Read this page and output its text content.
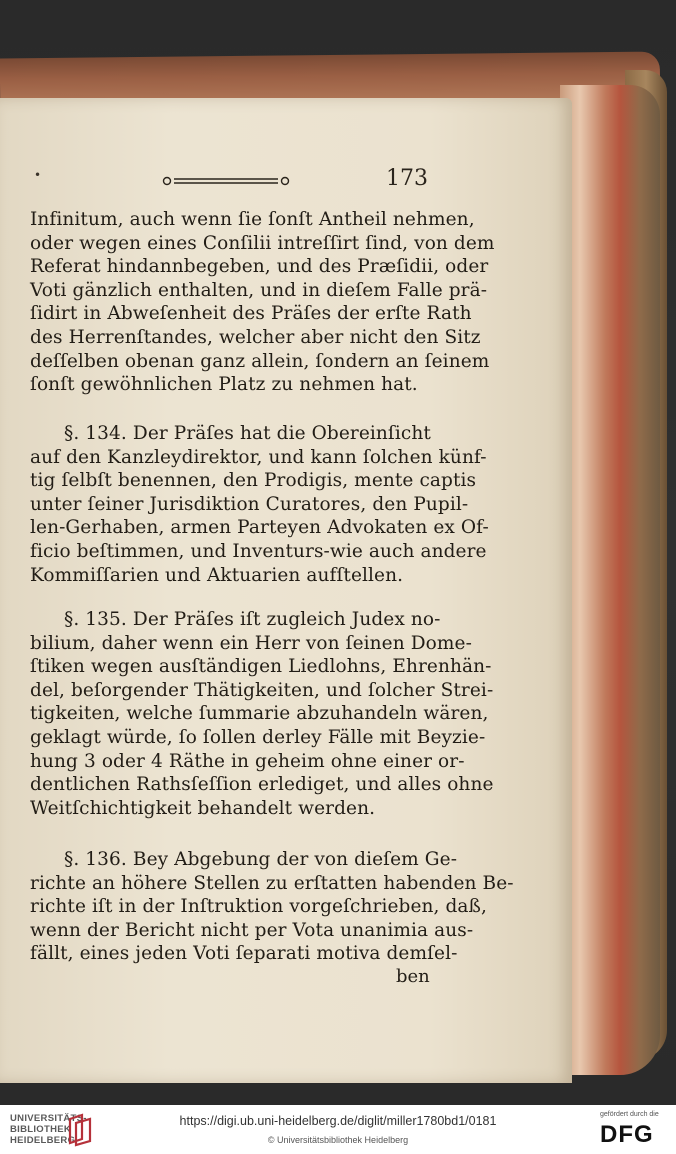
•	173
Infinitum, auch wenn ſie ſonſt Antheil nehmen,
oder wegen eines Conſilii intreſſirt ſind, von dem
Referat hindannbegeben, und des Præſidii, oder
Voti gänzlich enthalten, und in dieſem Falle prä-
ſidirt in Abweſenheit des Präſes der erſte Rath
des Herrenſtandes, welcher aber nicht den Sitz
deſſelben obenan ganz allein, ſondern an ſeinem
ſonſt gewöhnlichen Platz zu nehmen hat.
§. 134. Der Präſes hat die Obereinſicht
auf den Kanzleydirektor, und kann ſolchen künf-
tig ſelbſt benennen, den Prodigis, mente captis
unter ſeiner Jurisdiktion Curatores, den Pupil-
len-Gerhaben, armen Parteyen Advokaten ex Of-
ficio beſtimmen, und Inventurs-wie auch andere
Kommiſſarien und Aktuarien aufſtellen.
§. 135. Der Präſes iſt zugleich Judex no-
bilium, daher wenn ein Herr von ſeinen Dome-
ſtiken wegen ausſtändigen Liedlohns, Ehrenhän-
del, beſorgender Thätigkeiten, und ſolcher Strei-
tigkeiten, welche ſummarie abzuhandeln wären,
geklagt würde, ſo ſollen derley Fälle mit Beyzie-
hung 3 oder 4 Räthe in geheim ohne einer or-
dentlichen Rathsſeſſion erlediget, und alles ohne
Weitſchichtigkeit behandelt werden.
§. 136. Bey Abgebung der von dieſem Ge-
richte an höhere Stellen zu erſtatten habenden Be-
richte iſt in der Inſtruktion vorgeſchrieben, daß,
wenn der Bericht nicht per Vota unanimia aus-
fällt, eines jeden Voti ſeparati motiva demſel-
ben
UNIVERSITÄTS-
BIBLIOTHEK
HEIDELBERG
https://digi.ub.uni-heidelberg.de/diglit/miller1780bd1/0181
© Universitätsbibliothek Heidelberg
gefördert durch die
DFG
